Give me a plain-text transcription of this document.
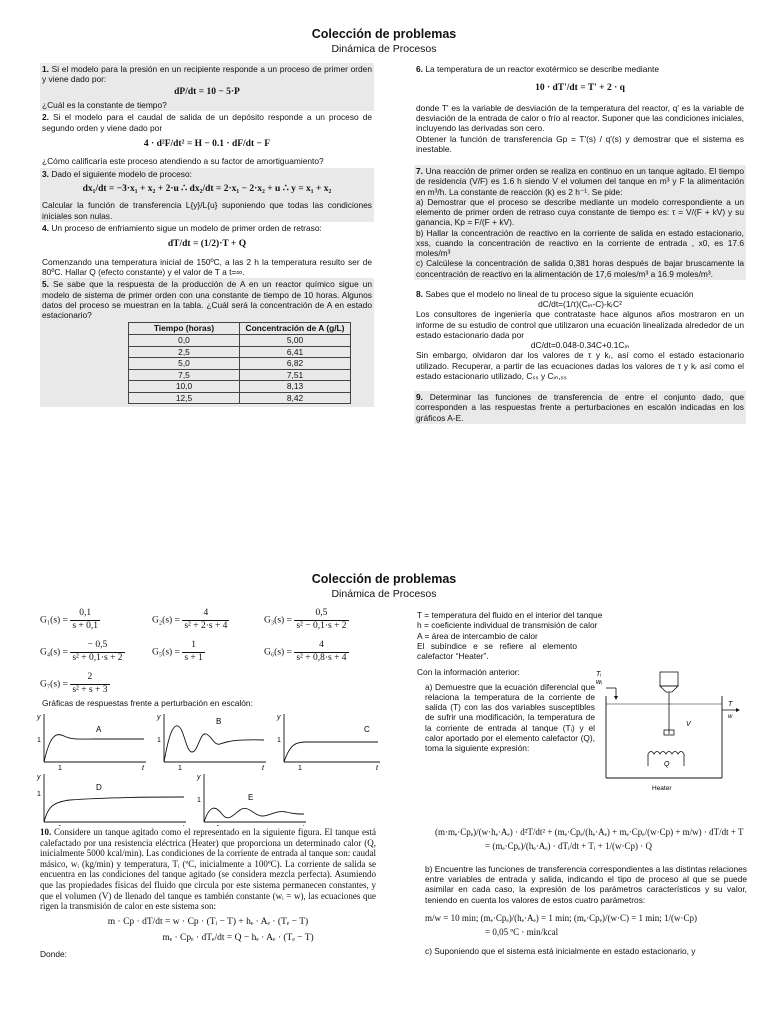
Colección de problemas
Dinámica de Procesos

1. Si el modelo para la presión en un recipiente responde a un proceso de primer orden y viene dado por:

dP/dt = 10 − 5·P

¿Cuál es la constante de tiempo?

2. Si el modelo para el caudal de salida de un depósito responde a un proceso de segundo orden y viene dado por

4 · d²F/dt² = H − 0.1 · dF/dt − F

¿Cómo calificaría este proceso atendiendo a su factor de amortiguamiento?

3. Dado el siguiente modelo de proceso:

dx₁/dt = −3·x₁ + x₂ + 2·u ∴ dx₂/dt = 2·x₁ − 2·x₂ + u ∴ y = x₁ + x₂

Calcular la función de transferencia L{y}/L{u} suponiendo que todas las condiciones iniciales son nulas.

4. Un proceso de enfriamiento sigue un modelo de primer orden de retraso:

dT/dt = (1/2)·T + Q

Comenzando una temperatura inicial de 150ºC, a las 2 h la temperatura resulto ser de 80ºC. Hallar Q (efecto constante) y el valor de T a t=∞.

5. Se sabe que la respuesta de la producción de A en un reactor químico sigue un modelo de sistema de primer orden con una constante de tiempo de 10 horas. Algunos datos del proceso se muestran en la tabla. ¿Cuál será la concentración de A en estado estacionario?

Tiempo (horas)	Concentración de A (g/L)
0,0	5,00
2,5	6,41
5,0	6,82
7,5	7,51
10,0	8,13
12,5	8,42

6. La temperatura de un reactor exotérmico se describe mediante

10 · dT'/dt = T' + 2 · q

donde T' es la variable de desviación de la temperatura del reactor, q' es la variable de desviación de la entrada de calor o frío al reactor. Suponer que las condiciones iniciales, incluyendo las derivadas son cero.

Obtener la función de transferencia Gp = T'(s) / q'(s) y demostrar que el sistema es inestable.

7. Una reacción de primer orden se realiza en continuo en un tanque agitado. El tiempo de residencia (V/F) es 1.6 h siendo V el volumen del tanque en m³ y F la alimentación en m³/h. La constante de reacción (k) es 2 h⁻¹. Se pide:

a) Demostrar que el proceso se describe mediante un modelo correspondiente a un elemento de primer orden de retraso cuya constante de tiempo es: τ = V/(F + kV) y su ganancia, Kp = F/(F + kV).

b) Hallar la concentración de reactivo en la corriente de salida en estado estacionario, xss, cuando la concentración de reactivo en la corriente de entrada , x0, es 17.6 moles/m³

c) Calcúlese la concentración de salida 0,381 horas después de bajar bruscamente la concentración de reactivo en la alimentación de 17,6 moles/m³ a 16.9 moles/m³.

8. Sabes que el modelo no lineal de tu proceso sigue la siguiente ecuación

dC/dt=(1/τ)(Cᵢₙ-C)-kᵣC²

Los consultores de ingeniería que contrataste hace algunos años mostraron en un informe de su estudio de control que utilizaron una ecuación linealizada alrededor de un estado estacionario dada por

dC/dt=0.048-0.34C+0.1Cᵢₙ

Sin embargo, olvidaron dar los valores de τ y kᵣ, así como el estado estacionario utilizado. Recuperar, a partir de las ecuaciones dadas los valores de τ y kᵣ así como el estado estacionario utilizado, Cₛₛ y Cᵢₙ,ₛₛ

9. Determinar las funciones de transferencia de entre el conjunto dado, que corresponden a las respuestas frente a perturbaciones en escalón indicadas en los gráficos A-E.

Colección de problemas
Dinámica de Procesos
$G_1(s) = \frac{0,1}{s + 0,1}$	$G_2(s) = \frac{4}{\text{s² + 2·s + 4}}$	$G_3(s) = \frac{0,5}{\text{s² − 0,1·s + 2}}$
$G_4(s) = \frac{- 0,5}{\text{s² + 0,1·s + 2}}$	$G_5(s) = \frac{1}{s + 1}$	$G_6(s) = \frac{4}{\text{s² + 0,8·s + 4}}$
$G_7(s) = \frac{2}{\text{s² + s + 3}}$
Gráficas de respuestas frente a perturbación en escalón:
y
1
1	t
A
y
1
1	t
B	y
1
1	t
C
y
1
D
y
1	E

10. Considere un tanque agitado como el representado en la siguiente figura. El tanque está calefactado por una resistencia eléctrica (Heater) que proporciona un determinado calor (Q, inicialmente 5000 kcal/min). Las condiciones de la corriente de entrada al tanque son: caudal másico, wᵢ (kg/min) y temperatura, Tᵢ (ºC, inicialmente a 100ºC). La corriente de salida se encuentra en las condiciones del tanque agitado (se considera mezcla perfecta). Asumiendo que las propiedades físicas del fluido que circula por este sistema permanecen constantes, y que el volumen (V) de llenado del tanque es también constante (wᵢ = w), las ecuaciones que rigen la transmisión de calor en este sistema son:

m · Cp · dT/dt = w · Cp · (Tᵢ − T) + hₑ · Aₑ · (Tₑ − T)
mₑ · Cpₑ · dTₑ/dt = Q − hₑ · Aₑ · (Tₑ − T)

Donde:

T = temperatura del fluido en el interior del tanque

h = coeficiente individual de transmisión de calor

A = área de intercambio de calor

El subíndice e se refiere al elemento calefactor “Heater”.

Con la información anterior:

a) Demuestre que la ecuación diferencial que relaciona la temperatura de la corriente de salida (T) con las dos variables susceptibles de sufrir una modificación, la temperatura de la corriente de entrada al tanque (Tᵢ) y el calor aportado por el elemento calefactor (Q), toma la siguiente expresión:

Tᵢ
wᵢ
V
T
w
Q
Heater
(m·mₑ·Cpₑ)/(w·hₑ·Aₑ) · d²T/dt² + (mₑ·Cpₑ/(hₑ·Aₑ) + mₑ·Cpₑ/(w·Cp) + m/w) · dT/dt + T
= (mₑ·Cpₑ)/(hₑ·Aₑ) · dTᵢ/dt + Tᵢ + 1/(w·Cp) · Q

b) Encuentre las funciones de transferencia correspondientes a las distintas relaciones entre variables de entrada y salida, indicando el tipo de proceso al que se puede asimilar en cada caso, la expresión de los parámetros característicos y su valor, teniendo en cuenta los valores de estos cuatro parámetros:

m/w = 10 min; (mₑ·Cpₑ)/(hₑ·Aₑ) = 1 min; (mₑ·Cpₑ)/(w·C) = 1 min; 1/(w·Cp)
= 0,05 ºC · min/kcal

c) Suponiendo que el sistema está inicialmente en estado estacionario, y
